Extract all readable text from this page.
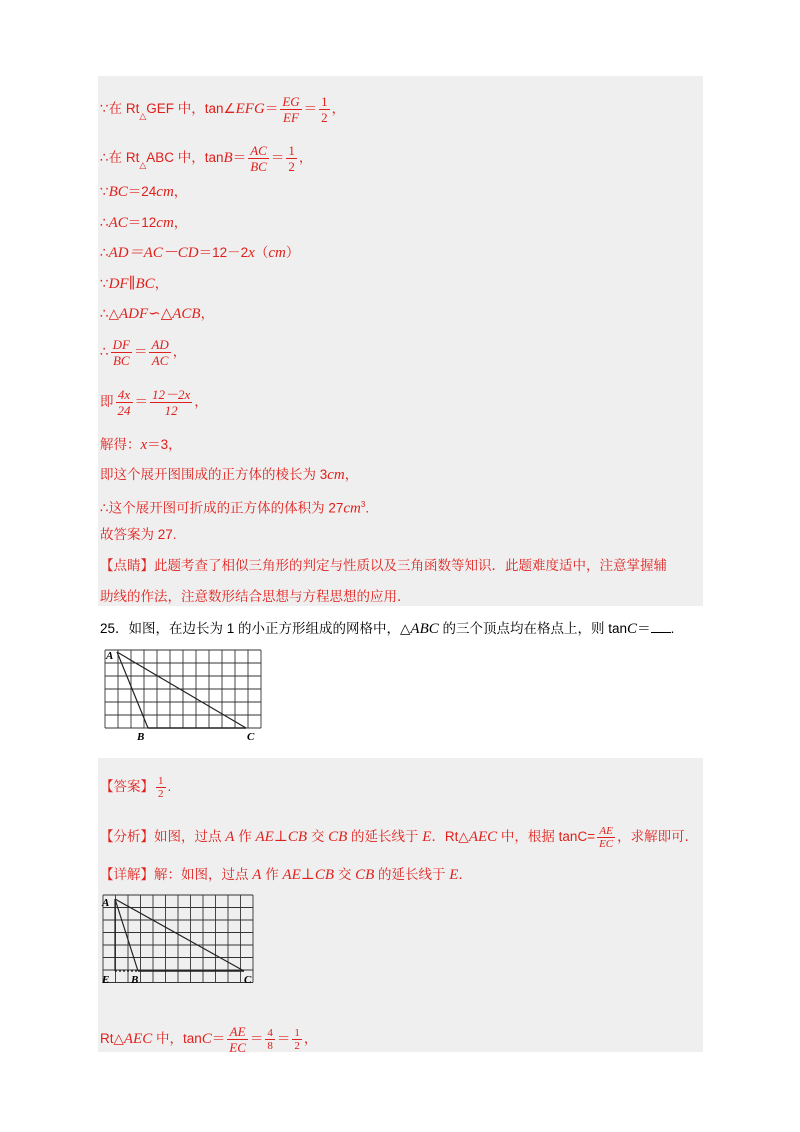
∵在 $Rt_\triangle GEF$ 中，tan∠EFG＝ $\frac{EG}{EF} = \frac{1}{2}$ ，
∴在 $Rt_\triangle ABC$ 中，$\tan B= \frac{AC}{BC} = \frac{1}{2}$ ，
∵BC＝24cm，
∴AC＝12cm，
∴AD＝AC－CD＝12－2x（cm）
∵DF∥BC，
∴△ADF∽△ACB，
∴ $\frac{DF}{BC} = \frac{AD}{AC}$ ，
即 $\frac{4x}{24} = \frac{12-2x}{12}$ ，
解得：x＝3，
即这个展开图围成的正方体的棱长为 3cm，
∴这个展开图可折成的正方体的体积为 $27cm^3$.
故答案为 27.
【点睛】此题考查了相似三角形的判定与性质以及三角函数等知识．此题难度适中，注意掌握辅
助线的作法，注意数形结合思想与方程思想的应用．
25．如图，在边长为 1 的小正方形组成的网格中，△ABC 的三个顶点均在格点上，则 tanC＝ .
A
B	C
【答案】 $\frac{1}{2}$ .
【分析】如图，过点 A 作 AE⊥CB 交 CB 的延长线于 E．Rt△AEC 中，根据 $\tan C= \frac{AE}{EC}$ ，求解即可．
【详解】解：如图，过点 A 作 AE⊥CB 交 CB 的延长线于 E．
A
E B	C
Rt△AEC 中，$\tan C= \frac{AE}{EC} = \frac{4}{8} = \frac{1}{2}$ ，
